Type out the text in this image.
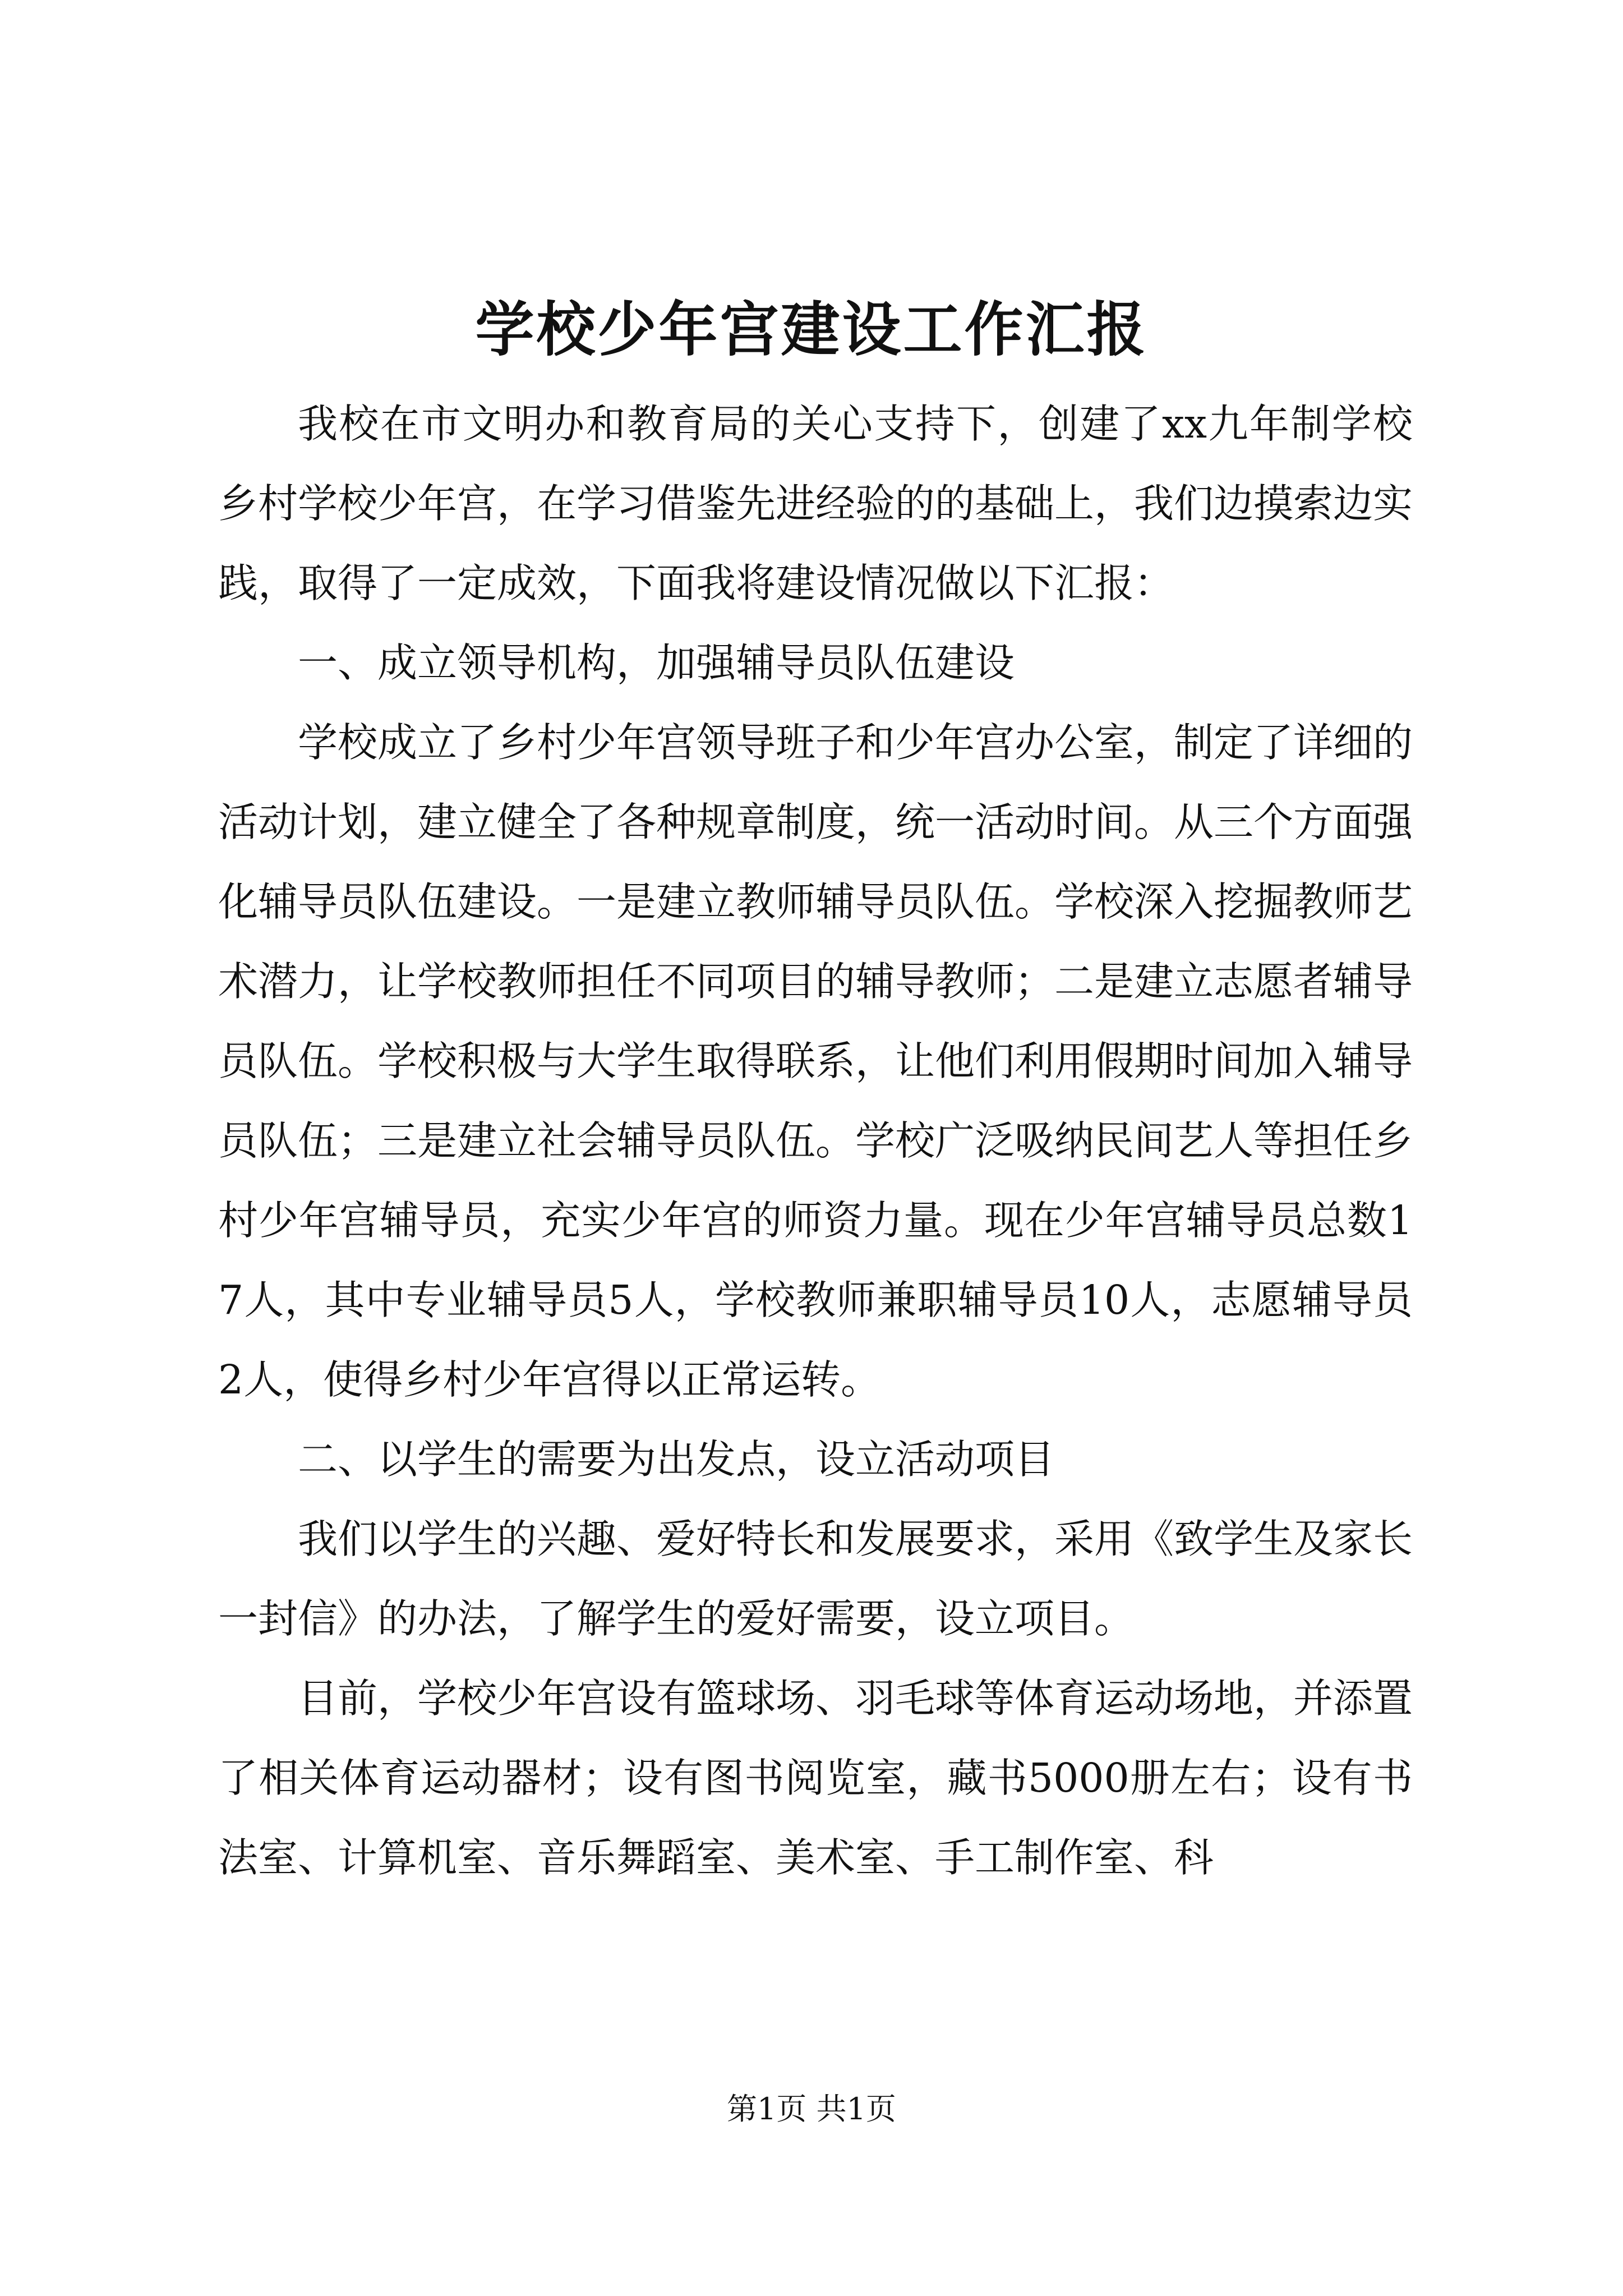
学校少年宫建设工作汇报

我校在市文明办和教育局的关心支持下，创建了xx九年制学校乡村学校少年宫，在学习借鉴先进经验的的基础上，我们边摸索边实践，取得了一定成效，下面我将建设情况做以下汇报：

一、成立领导机构，加强辅导员队伍建设

学校成立了乡村少年宫领导班子和少年宫办公室，制定了详细的活动计划，建立健全了各种规章制度，统一活动时间。从三个方面强化辅导员队伍建设。一是建立教师辅导员队伍。学校深入挖掘教师艺术潜力，让学校教师担任不同项目的辅导教师；二是建立志愿者辅导员队伍。学校积极与大学生取得联系，让他们利用假期时间加入辅导员队伍；三是建立社会辅导员队伍。学校广泛吸纳民间艺人等担任乡村少年宫辅导员，充实少年宫的师资力量。现在少年宫辅导员总数17人，其中专业辅导员5人，学校教师兼职辅导员10人，志愿辅导员2人，使得乡村少年宫得以正常运转。

二、以学生的需要为出发点，设立活动项目

我们以学生的兴趣、爱好特长和发展要求，采用《致学生及家长一封信》的办法，了解学生的爱好需要，设立项目。

目前，学校少年宫设有篮球场、羽毛球等体育运动场地，并添置了相关体育运动器材；设有图书阅览室，藏书5000册左右；设有书法室、计算机室、音乐舞蹈室、美术室、手工制作室、科

第1页 共1页
